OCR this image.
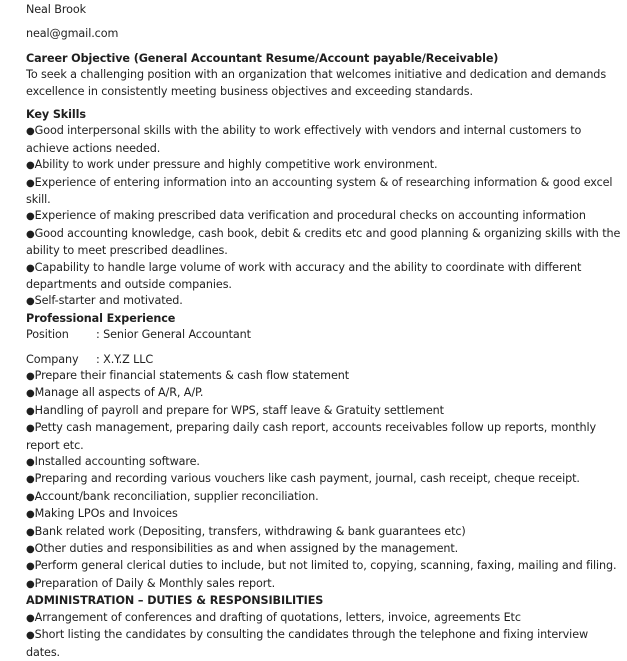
Neal Brook
neal@gmail.com
Career Objective (General Accountant Resume/Account payable/Receivable)
To seek a challenging position with an organization that welcomes initiative and dedication and demands excellence in consistently meeting business objectives and exceeding standards.
Key Skills
●Good interpersonal skills with the ability to work effectively with vendors and internal customers to achieve actions needed.
●Ability to work under pressure and highly competitive work environment.
●Experience of entering information into an accounting system & of researching information & good excel skill.
●Experience of making prescribed data verification and procedural checks on accounting information
●Good accounting knowledge, cash book, debit & credits etc and good planning & organizing skills with the ability to meet prescribed deadlines.
●Capability to handle large volume of work with accuracy and the ability to coordinate with different departments and outside companies.
●Self-starter and motivated.
Professional Experience
Position : Senior General Accountant
Company : X.Y.Z LLC
●Prepare their financial statements & cash flow statement
●Manage all aspects of A/R, A/P.
●Handling of payroll and prepare for WPS, staff leave & Gratuity settlement
●Petty cash management, preparing daily cash report, accounts receivables follow up reports, monthly report etc.
●Installed accounting software.
●Preparing and recording various vouchers like cash payment, journal, cash receipt, cheque receipt.
●Account/bank reconciliation, supplier reconciliation.
●Making LPOs and Invoices
●Bank related work (Depositing, transfers, withdrawing & bank guarantees etc)
●Other duties and responsibilities as and when assigned by the management.
●Perform general clerical duties to include, but not limited to, copying, scanning, faxing, mailing and filing.
●Preparation of Daily & Monthly sales report.
ADMINISTRATION – DUTIES & RESPONSIBILITIES
●Arrangement of conferences and drafting of quotations, letters, invoice, agreements Etc
●Short listing the candidates by consulting the candidates through the telephone and fixing interview dates.
